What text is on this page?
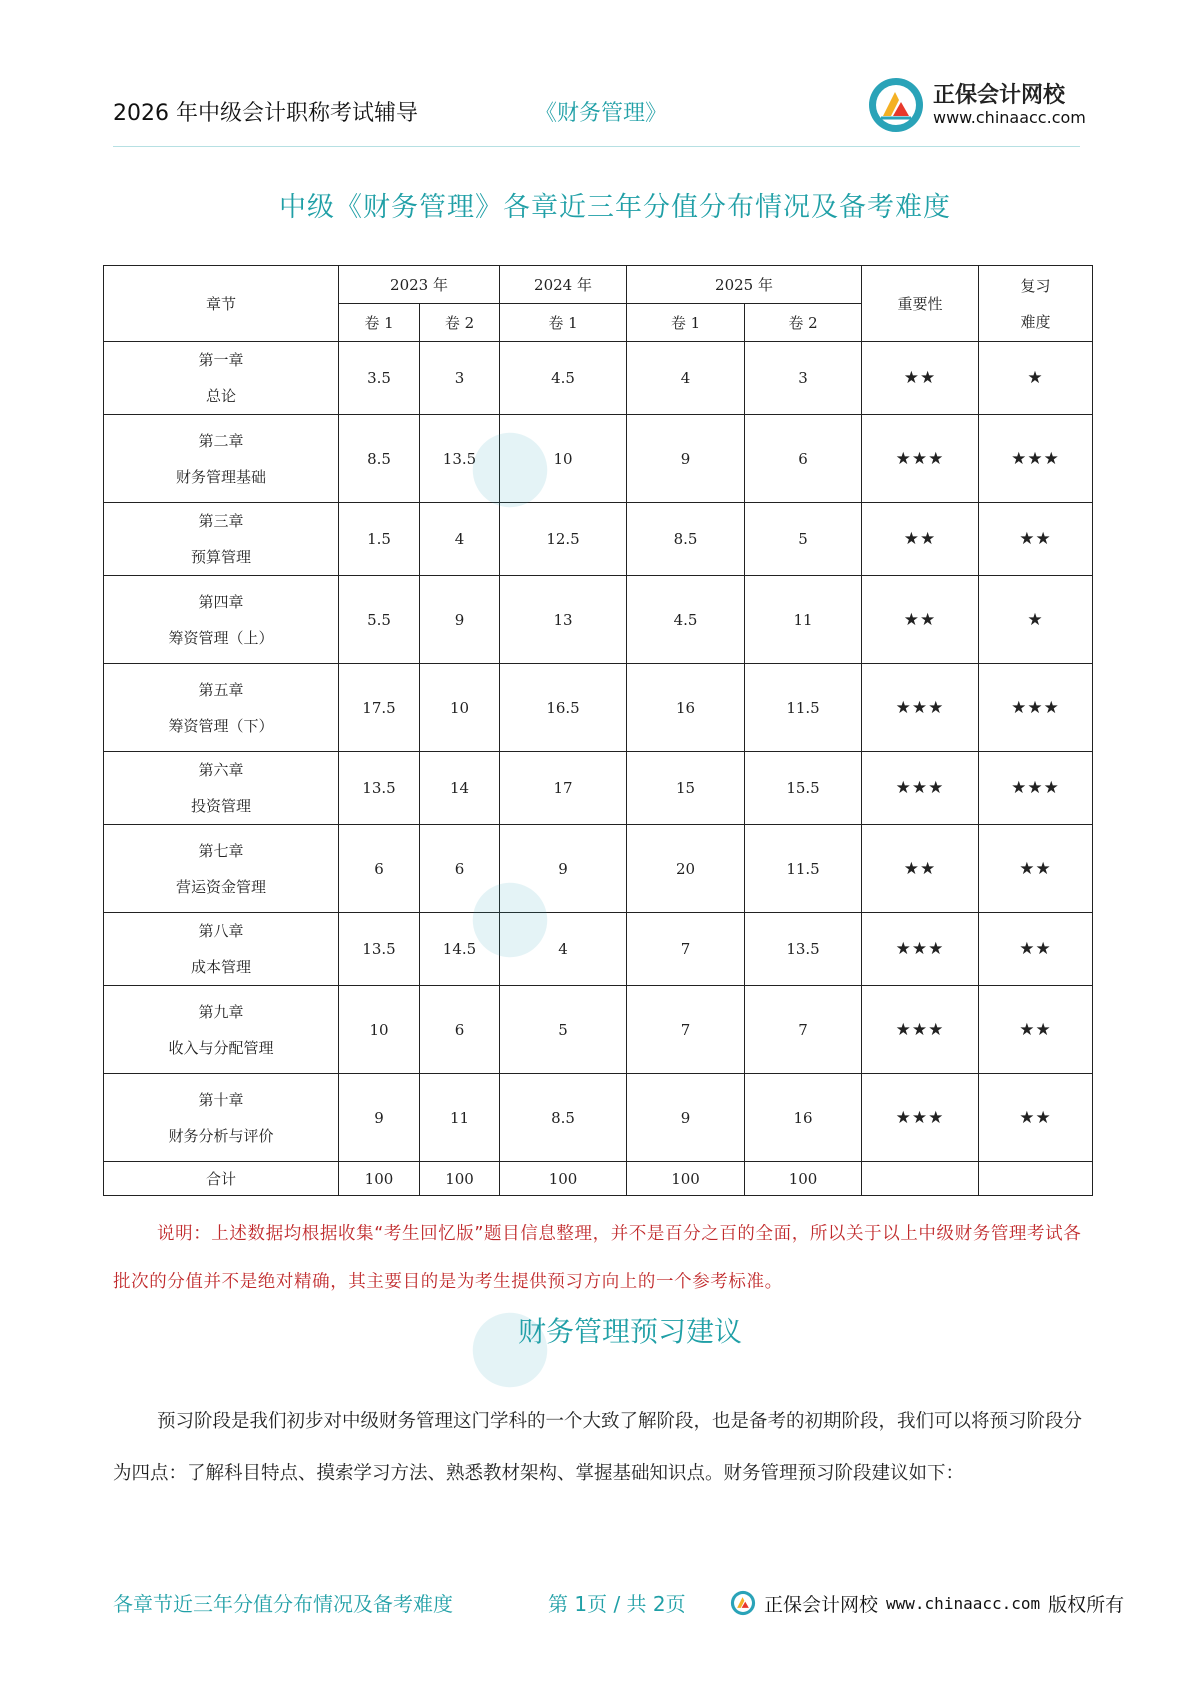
2026 年中级会计职称考试辅导	《财务管理》
正保会计网校
www.chinaacc.com
中级《财务管理》各章近三年分值分布情况及备考难度
章节	2023 年		2024 年	2025 年		重要性	复习
难度

	卷 1	卷 2	卷 1	卷 1	卷 2		

第一章
总论	3.5	3	4.5	4	3	★★	★

第二章
财务管理基础	8.5	13.5	10	9	6	★★★	★★★

第三章
预算管理	1.5	4	12.5	8.5	5	★★	★★

第四章
筹资管理（上）	5.5	9	13	4.5	11	★★	★

第五章
筹资管理（下）	17.5	10	16.5	16	11.5	★★★	★★★

第六章
投资管理	13.5	14	17	15	15.5	★★★	★★★

第七章
营运资金管理	6	6	9	20	11.5	★★	★★

第八章
成本管理	13.5	14.5	4	7	13.5	★★★	★★

第九章
收入与分配管理	10	6	5	7	7	★★★	★★

第十章
财务分析与评价	9	11	8.5	9	16	★★★	★★
合计	100	100	100	100	100		
说明：上述数据均根据收集“考生回忆版”题目信息整理，并不是百分之百的全面，所以关于以上中级财务管理考试各批次的分值并不是绝对精确，其主要目的是为考生提供预习方向上的一个参考标准。
财务管理预习建议
预习阶段是我们初步对中级财务管理这门学科的一个大致了解阶段，也是备考的初期阶段，我们可以将预习阶段分为四点：了解科目特点、摸索学习方法、熟悉教材架构、掌握基础知识点。财务管理预习阶段建议如下：
各章节近三年分值分布情况及备考难度	第 1页 / 共 2页	正保会计网校 www.chinaacc.com 版权所有
